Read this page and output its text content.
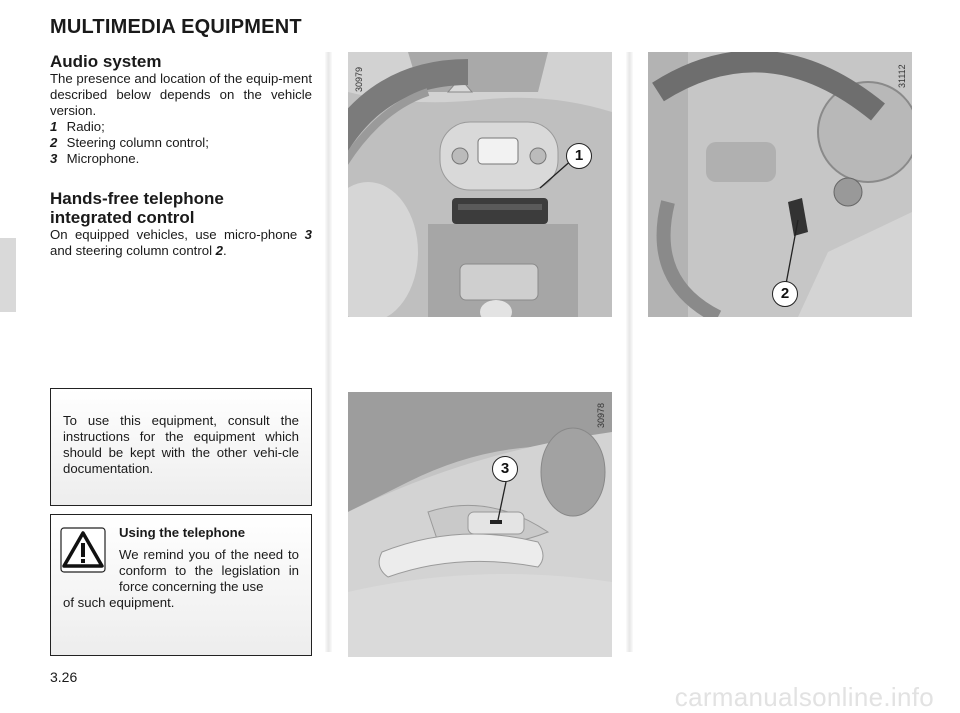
MULTIMEDIA EQUIPMENT
Audio system

The presence and location of the equip-ment described below depends on the vehicle version.

1 Radio;

2 Steering column control;

3 Microphone.

Hands-free telephone
integrated control

On equipped vehicles, use micro-phone 3 and steering column control 2.

To use this equipment, consult the instructions for the equipment which should be kept with the other vehi-cle documentation.

Using the telephone

We remind you of the need to conform to the legislation in force concerning the use
of such equipment.

30979
1
31112
2
30978
3
3.26
carmanualsonline.info
